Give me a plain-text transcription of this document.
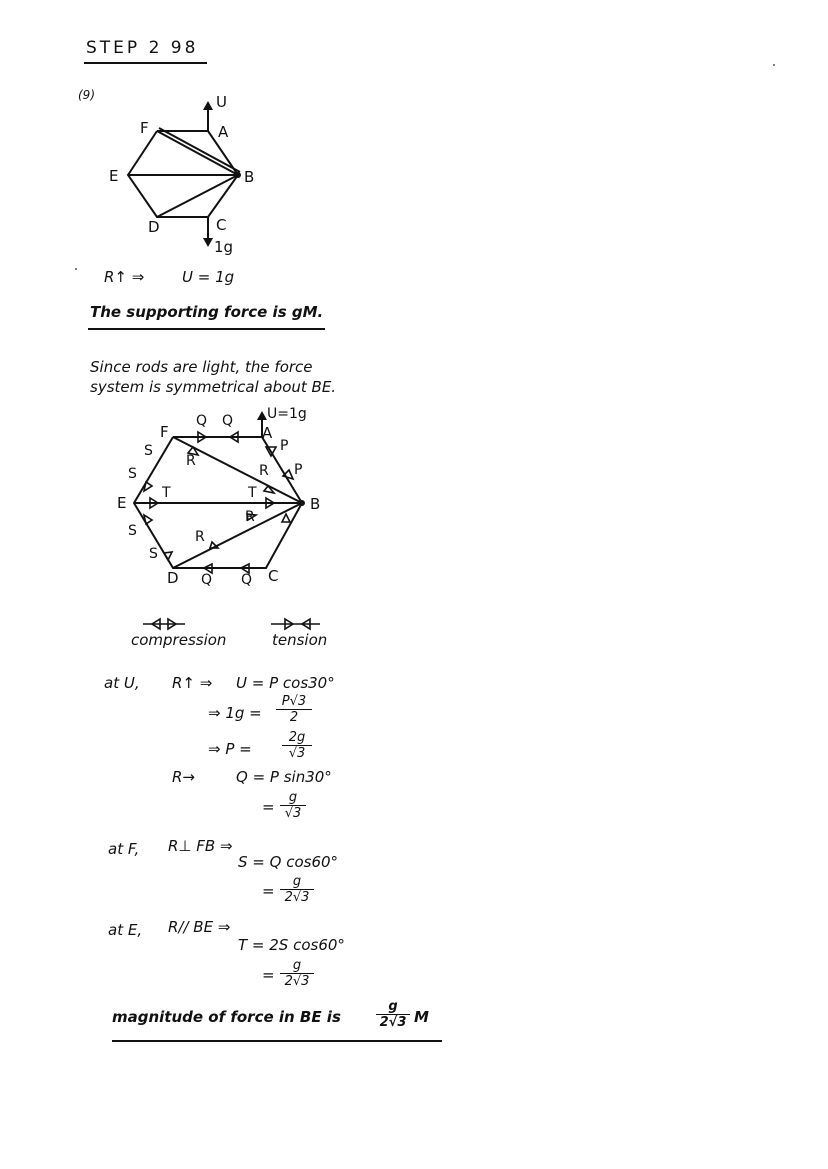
STEP 2 98
(9)	U
F	A
E	B
D	C
1g
R↑ ⇒	U = 1g
The supporting force is gM.
Since rods are light, the force
system is symmetrical about BE.
F	A
E	B
D	C
U=1g
Q Q
P
P
S
S
S
S
R
R
R
R
T	T
Q Q
compression	tension
at U, R↑ ⇒ U = P cos30°
⇒ $1g = \frac{P√3}{2}$
⇒ $P = \frac{2g}{√3}$
R→	Q = P sin30°
= $\frac{g}{√3}$
at F, R⊥ FB ⇒
S = Q cos60°
= $\frac{g}{2√3}$
at E, R// BE ⇒
T = 2S cos60°
= $\frac{g}{2√3}$
magnitude of force in BE is	$\frac{g}{2√3}$ M
